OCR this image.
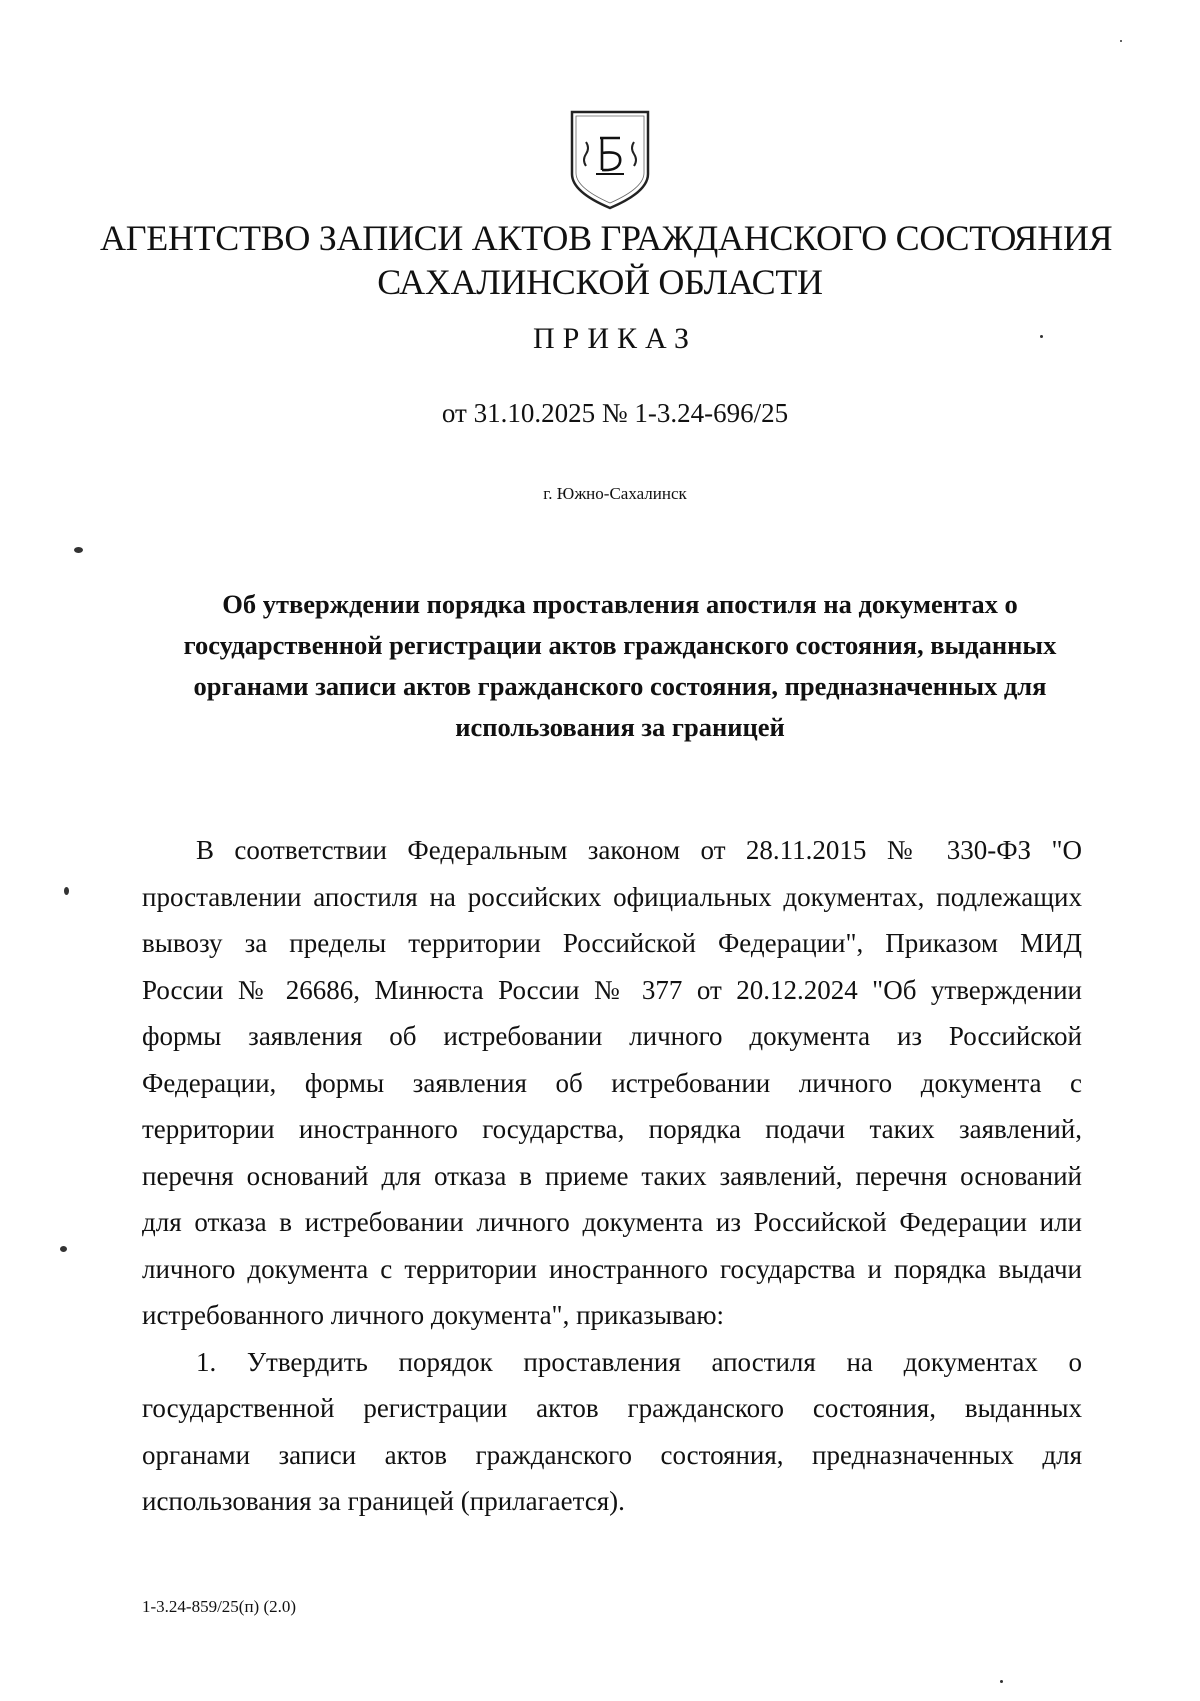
АГЕНТСТВО ЗАПИСИ АКТОВ ГРАЖДАНСКОГО СОСТОЯНИЯ
САХАЛИНСКОЙ ОБЛАСТИ
ПРИКАЗ
от 31.10.2025 № 1-3.24-696/25
г. Южно-Сахалинск
Об утверждении порядка проставления апостиля на документах о
государственной регистрации актов гражданского состояния, выданных
органами записи актов гражданского состояния, предназначенных для
использования за границей
В соответствии Федеральным законом от 28.11.2015 № 330-ФЗ "О
проставлении апостиля на российских официальных документах, подлежащих
вывозу за пределы территории Российской Федерации", Приказом МИД
России № 26686, Минюста России № 377 от 20.12.2024 "Об утверждении
формы заявления об истребовании личного документа из Российской
Федерации, формы заявления об истребовании личного документа с
территории иностранного государства, порядка подачи таких заявлений,
перечня оснований для отказа в приеме таких заявлений, перечня оснований
для отказа в истребовании личного документа из Российской Федерации или
личного документа с территории иностранного государства и порядка выдачи
истребованного личного документа", приказываю:
1. Утвердить порядок проставления апостиля на документах о
государственной регистрации актов гражданского состояния, выданных
органами записи актов гражданского состояния, предназначенных для
использования за границей (прилагается).
1-3.24-859/25(п) (2.0)
